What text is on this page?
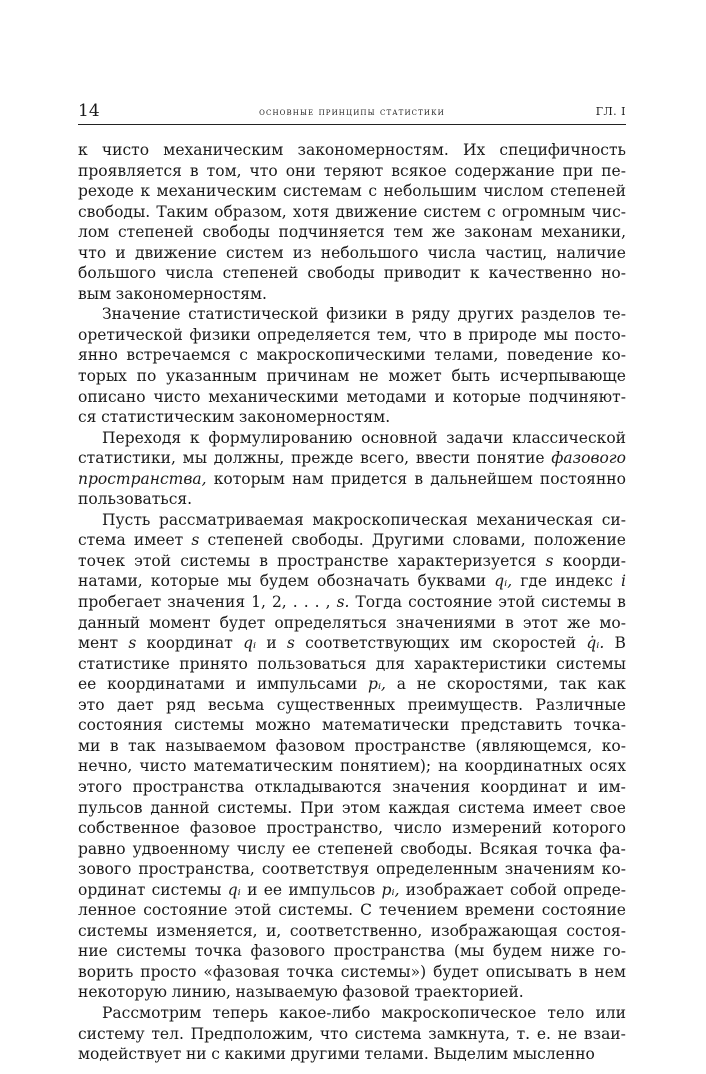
14	основные принципы статистики	ГЛ. I
к чисто механическим закономерностям. Их специфичность
проявляется в том, что они теряют всякое содержание при пе-
реходе к механическим системам с небольшим числом степеней
свободы. Таким образом, хотя движение систем с огромным чис-
лом степеней свободы подчиняется тем же законам механики,
что и движение систем из небольшого числа частиц, наличие
большого числа степеней свободы приводит к качественно но-
вым закономерностям.
Значение статистической физики в ряду других разделов те-
оретической физики определяется тем, что в природе мы посто-
янно встречаемся с макроскопическими телами, поведение ко-
торых по указанным причинам не может быть исчерпывающе
описано чисто механическими методами и которые подчиняют-
ся статистическим закономерностям.
Переходя к формулированию основной задачи классической
статистики, мы должны, прежде всего, ввести понятие фазового
пространства, которым нам придется в дальнейшем постоянно
пользоваться.
Пусть рассматриваемая макроскопическая механическая си-
стема имеет s степеней свободы. Другими словами, положение
точек этой системы в пространстве характеризуется s коорди-
натами, которые мы будем обозначать буквами qᵢ, где индекс i
пробегает значения 1, 2, . . . , s. Тогда состояние этой системы в
данный момент будет определяться значениями в этот же мо-
мент s координат qᵢ и s соответствующих им скоростей q̇ᵢ. В
статистике принято пользоваться для характеристики системы
ее координатами и импульсами pᵢ, а не скоростями, так как
это дает ряд весьма существенных преимуществ. Различные
состояния системы можно математически представить точка-
ми в так называемом фазовом пространстве (являющемся, ко-
нечно, чисто математическим понятием); на координатных осях
этого пространства откладываются значения координат и им-
пульсов данной системы. При этом каждая система имеет свое
собственное фазовое пространство, число измерений которого
равно удвоенному числу ее степеней свободы. Всякая точка фа-
зового пространства, соответствуя определенным значениям ко-
ординат системы qᵢ и ее импульсов pᵢ, изображает собой опреде-
ленное состояние этой системы. С течением времени состояние
системы изменяется, и, соответственно, изображающая состоя-
ние системы точка фазового пространства (мы будем ниже го-
ворить просто «фазовая точка системы») будет описывать в нем
некоторую линию, называемую фазовой траекторией.
Рассмотрим теперь какое-либо макроскопическое тело или
систему тел. Предположим, что система замкнута, т. е. не взаи-
модействует ни с какими другими телами. Выделим мысленно
